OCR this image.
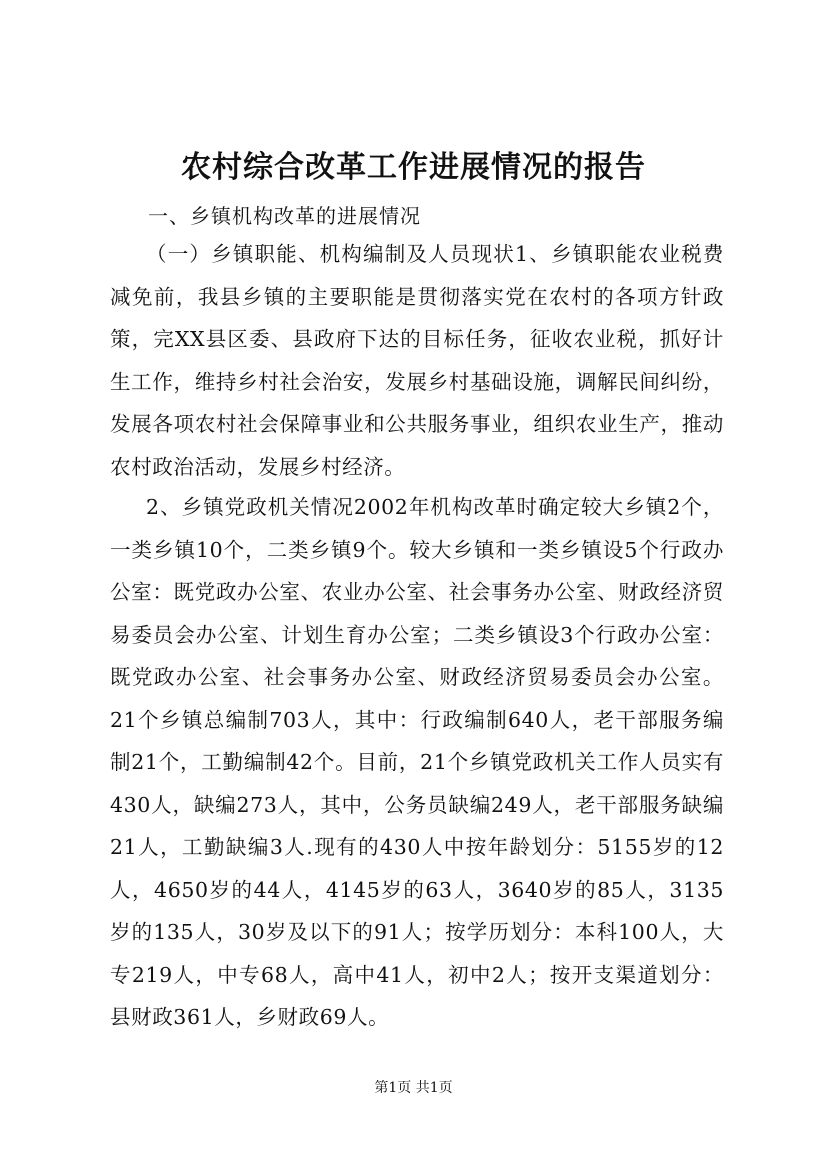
农村综合改革工作进展情况的报告
一、乡镇机构改革的进展情况

（一）乡镇职能、机构编制及人员现状1、乡镇职能农业税费减免前，我县乡镇的主要职能是贯彻落实党在农村的各项方针政策，完XX县区委、县政府下达的目标任务，征收农业税，抓好计生工作，维持乡村社会治安，发展乡村基础设施，调解民间纠纷，发展各项农村社会保障事业和公共服务事业，组织农业生产，推动农村政治活动，发展乡村经济。

2、乡镇党政机关情况2002年机构改革时确定较大乡镇2个，一类乡镇10个，二类乡镇9个。较大乡镇和一类乡镇设5个行政办公室：既党政办公室、农业办公室、社会事务办公室、财政经济贸易委员会办公室、计划生育办公室；二类乡镇设3个行政办公室：既党政办公室、社会事务办公室、财政经济贸易委员会办公室。21个乡镇总编制703人，其中：行政编制640人，老干部服务编制21个，工勤编制42个。目前，21个乡镇党政机关工作人员实有430人，缺编273人，其中，公务员缺编249人，老干部服务缺编21人，工勤缺编3人.现有的430人中按年龄划分：5155岁的12人，4650岁的44人，4145岁的63人，3640岁的85人，3135岁的135人，30岁及以下的91人；按学历划分：本科100人，大专219人，中专68人，高中41人，初中2人；按开支渠道划分：县财政361人，乡财政69人。

第1页 共1页
